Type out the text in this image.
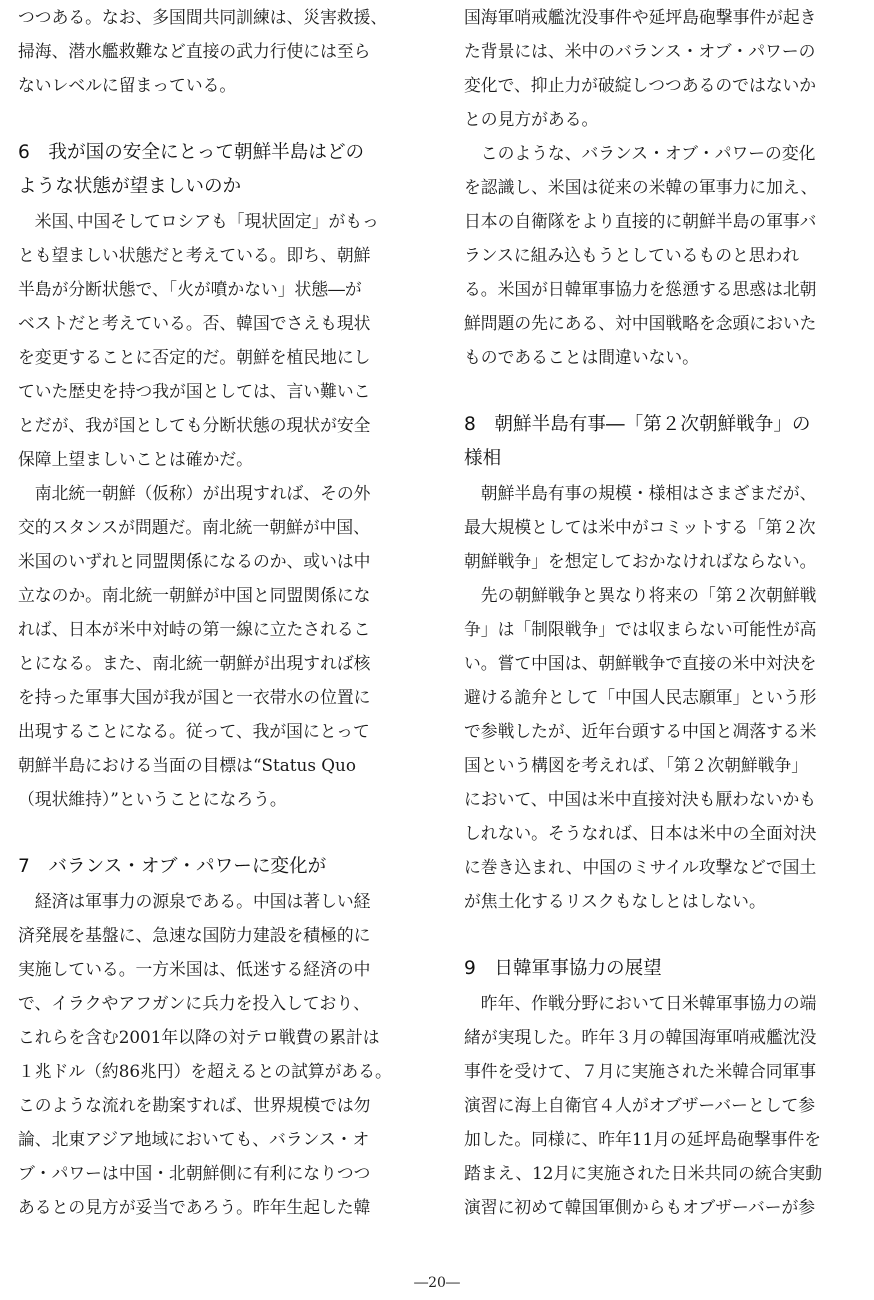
つつある。なお、多国間共同訓練は、災害救援、
掃海、潜水艦救難など直接の武力行使には至ら
ないレベルに留まっている。
6　我が国の安全にとって朝鮮半島はどの
ような状態が望ましいのか
　米国､中国そしてロシアも「現状固定」がもっ
とも望ましい状態だと考えている。即ち、朝鮮
半島が分断状態で、「火が噴かない」状態―が
ベストだと考えている。否、韓国でさえも現状
を変更することに否定的だ。朝鮮を植民地にし
ていた歴史を持つ我が国としては、言い難いこ
とだが、我が国としても分断状態の現状が安全
保障上望ましいことは確かだ。
　南北統一朝鮮（仮称）が出現すれば、その外
交的スタンスが問題だ。南北統一朝鮮が中国、
米国のいずれと同盟関係になるのか、或いは中
立なのか。南北統一朝鮮が中国と同盟関係にな
れば、日本が米中対峙の第一線に立たされるこ
とになる。また、南北統一朝鮮が出現すれば核
を持った軍事大国が我が国と一衣帯水の位置に
出現することになる。従って、我が国にとって
朝鮮半島における当面の目標は“Status Quo
（現状維持）”ということになろう。
7　バランス・オブ・パワーに変化が
　経済は軍事力の源泉である。中国は著しい経
済発展を基盤に、急速な国防力建設を積極的に
実施している。一方米国は、低迷する経済の中
で、イラクやアフガンに兵力を投入しており、
これらを含む2001年以降の対テロ戦費の累計は
１兆ドル（約86兆円）を超えるとの試算がある。
このような流れを勘案すれば、世界規模では勿
論、北東アジア地域においても、バランス・オ
ブ・パワーは中国・北朝鮮側に有利になりつつ
あるとの見方が妥当であろう。昨年生起した韓
国海軍哨戒艦沈没事件や延坪島砲撃事件が起き
た背景には、米中のバランス・オブ・パワーの
変化で、抑止力が破綻しつつあるのではないか
との見方がある。
　このような、バランス・オブ・パワーの変化
を認識し、米国は従来の米韓の軍事力に加え、
日本の自衛隊をより直接的に朝鮮半島の軍事バ
ランスに組み込もうとしているものと思われ
る。米国が日韓軍事協力を慫慂する思惑は北朝
鮮問題の先にある、対中国戦略を念頭においた
ものであることは間違いない。
8　朝鮮半島有事―「第２次朝鮮戦争」の
様相
　朝鮮半島有事の規模・様相はさまざまだが、
最大規模としては米中がコミットする「第２次
朝鮮戦争」を想定しておかなければならない。
　先の朝鮮戦争と異なり将来の「第２次朝鮮戦
争」は「制限戦争」では収まらない可能性が高
い。嘗て中国は、朝鮮戦争で直接の米中対決を
避ける詭弁として「中国人民志願軍」という形
で参戦したが、近年台頭する中国と凋落する米
国という構図を考えれば、「第２次朝鮮戦争」
において、中国は米中直接対決も厭わないかも
しれない。そうなれば、日本は米中の全面対決
に巻き込まれ、中国のミサイル攻撃などで国土
が焦土化するリスクもなしとはしない。
9　日韓軍事協力の展望
　昨年、作戦分野において日米韓軍事協力の端
緒が実現した。昨年３月の韓国海軍哨戒艦沈没
事件を受けて、７月に実施された米韓合同軍事
演習に海上自衛官４人がオブザーバーとして参
加した。同様に、昨年11月の延坪島砲撃事件を
踏まえ、12月に実施された日米共同の統合実動
演習に初めて韓国軍側からもオブザーバーが参
―20―
